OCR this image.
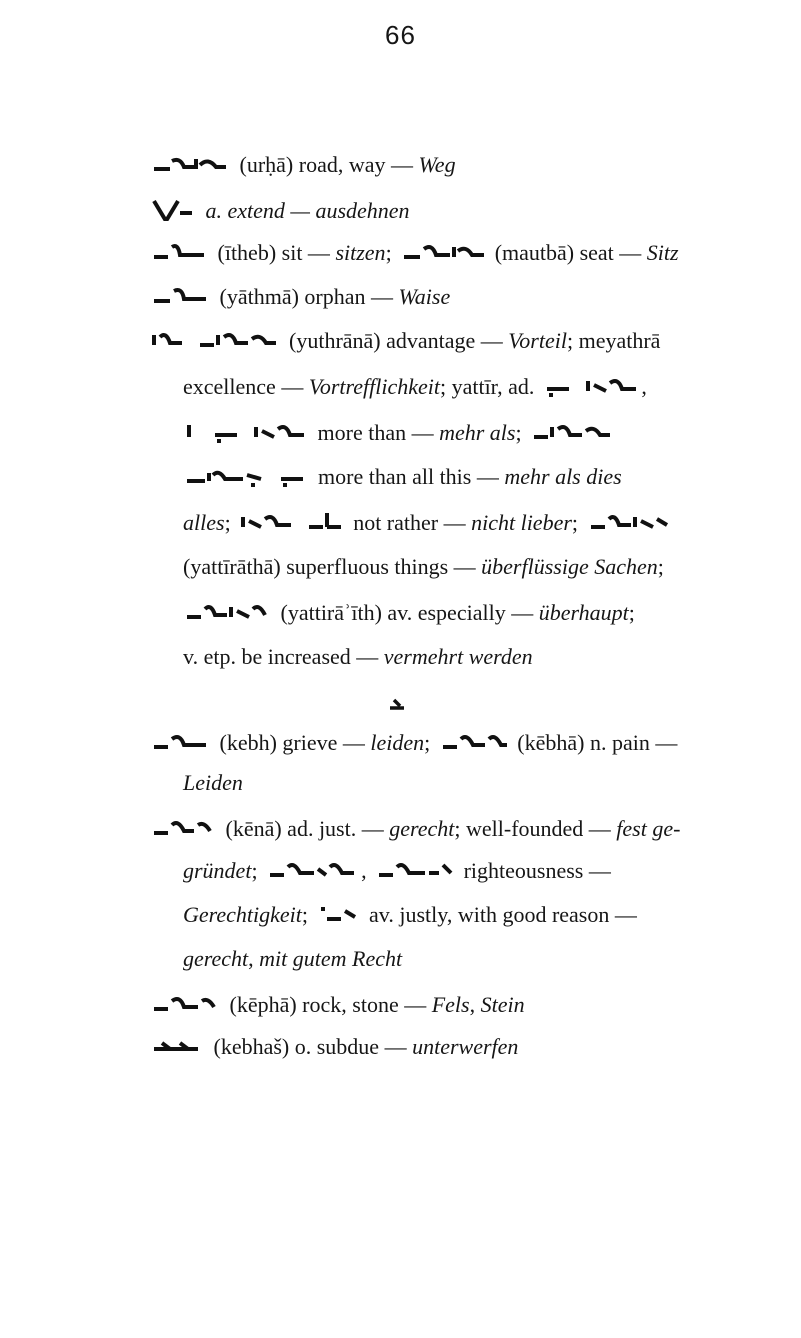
66
(urḥā) road, way — Weg
a. extend — ausdehnen
(ītheb) sit — sitzen;	(mautbā) seat — Sitz
(yāthmā) orphan — Waise
(yuthrānā) advantage — Vorteil; meyathrā
excellence — Vortrefflichkeit; yattīr, ad.	,
more than — mehr als;
more than all this — mehr als dies
alles;	not rather — nicht lieber;
(yattīrāthā) superfluous things — überflüssige Sachen;
(yattirāʾīth) av. especially — überhaupt;
v. etp. be increased — vermehrt werden
(kebh) grieve — leiden;	(kēbhā) n. pain —
Leiden
(kēnā) ad. just. — gerecht; well-founded — fest ge-
gründet;	,	righteousness —
Gerechtigkeit;	av. justly, with good reason —
gerecht, mit gutem Recht
(kēphā) rock, stone — Fels, Stein
(kebhaš) o. subdue — unterwerfen
